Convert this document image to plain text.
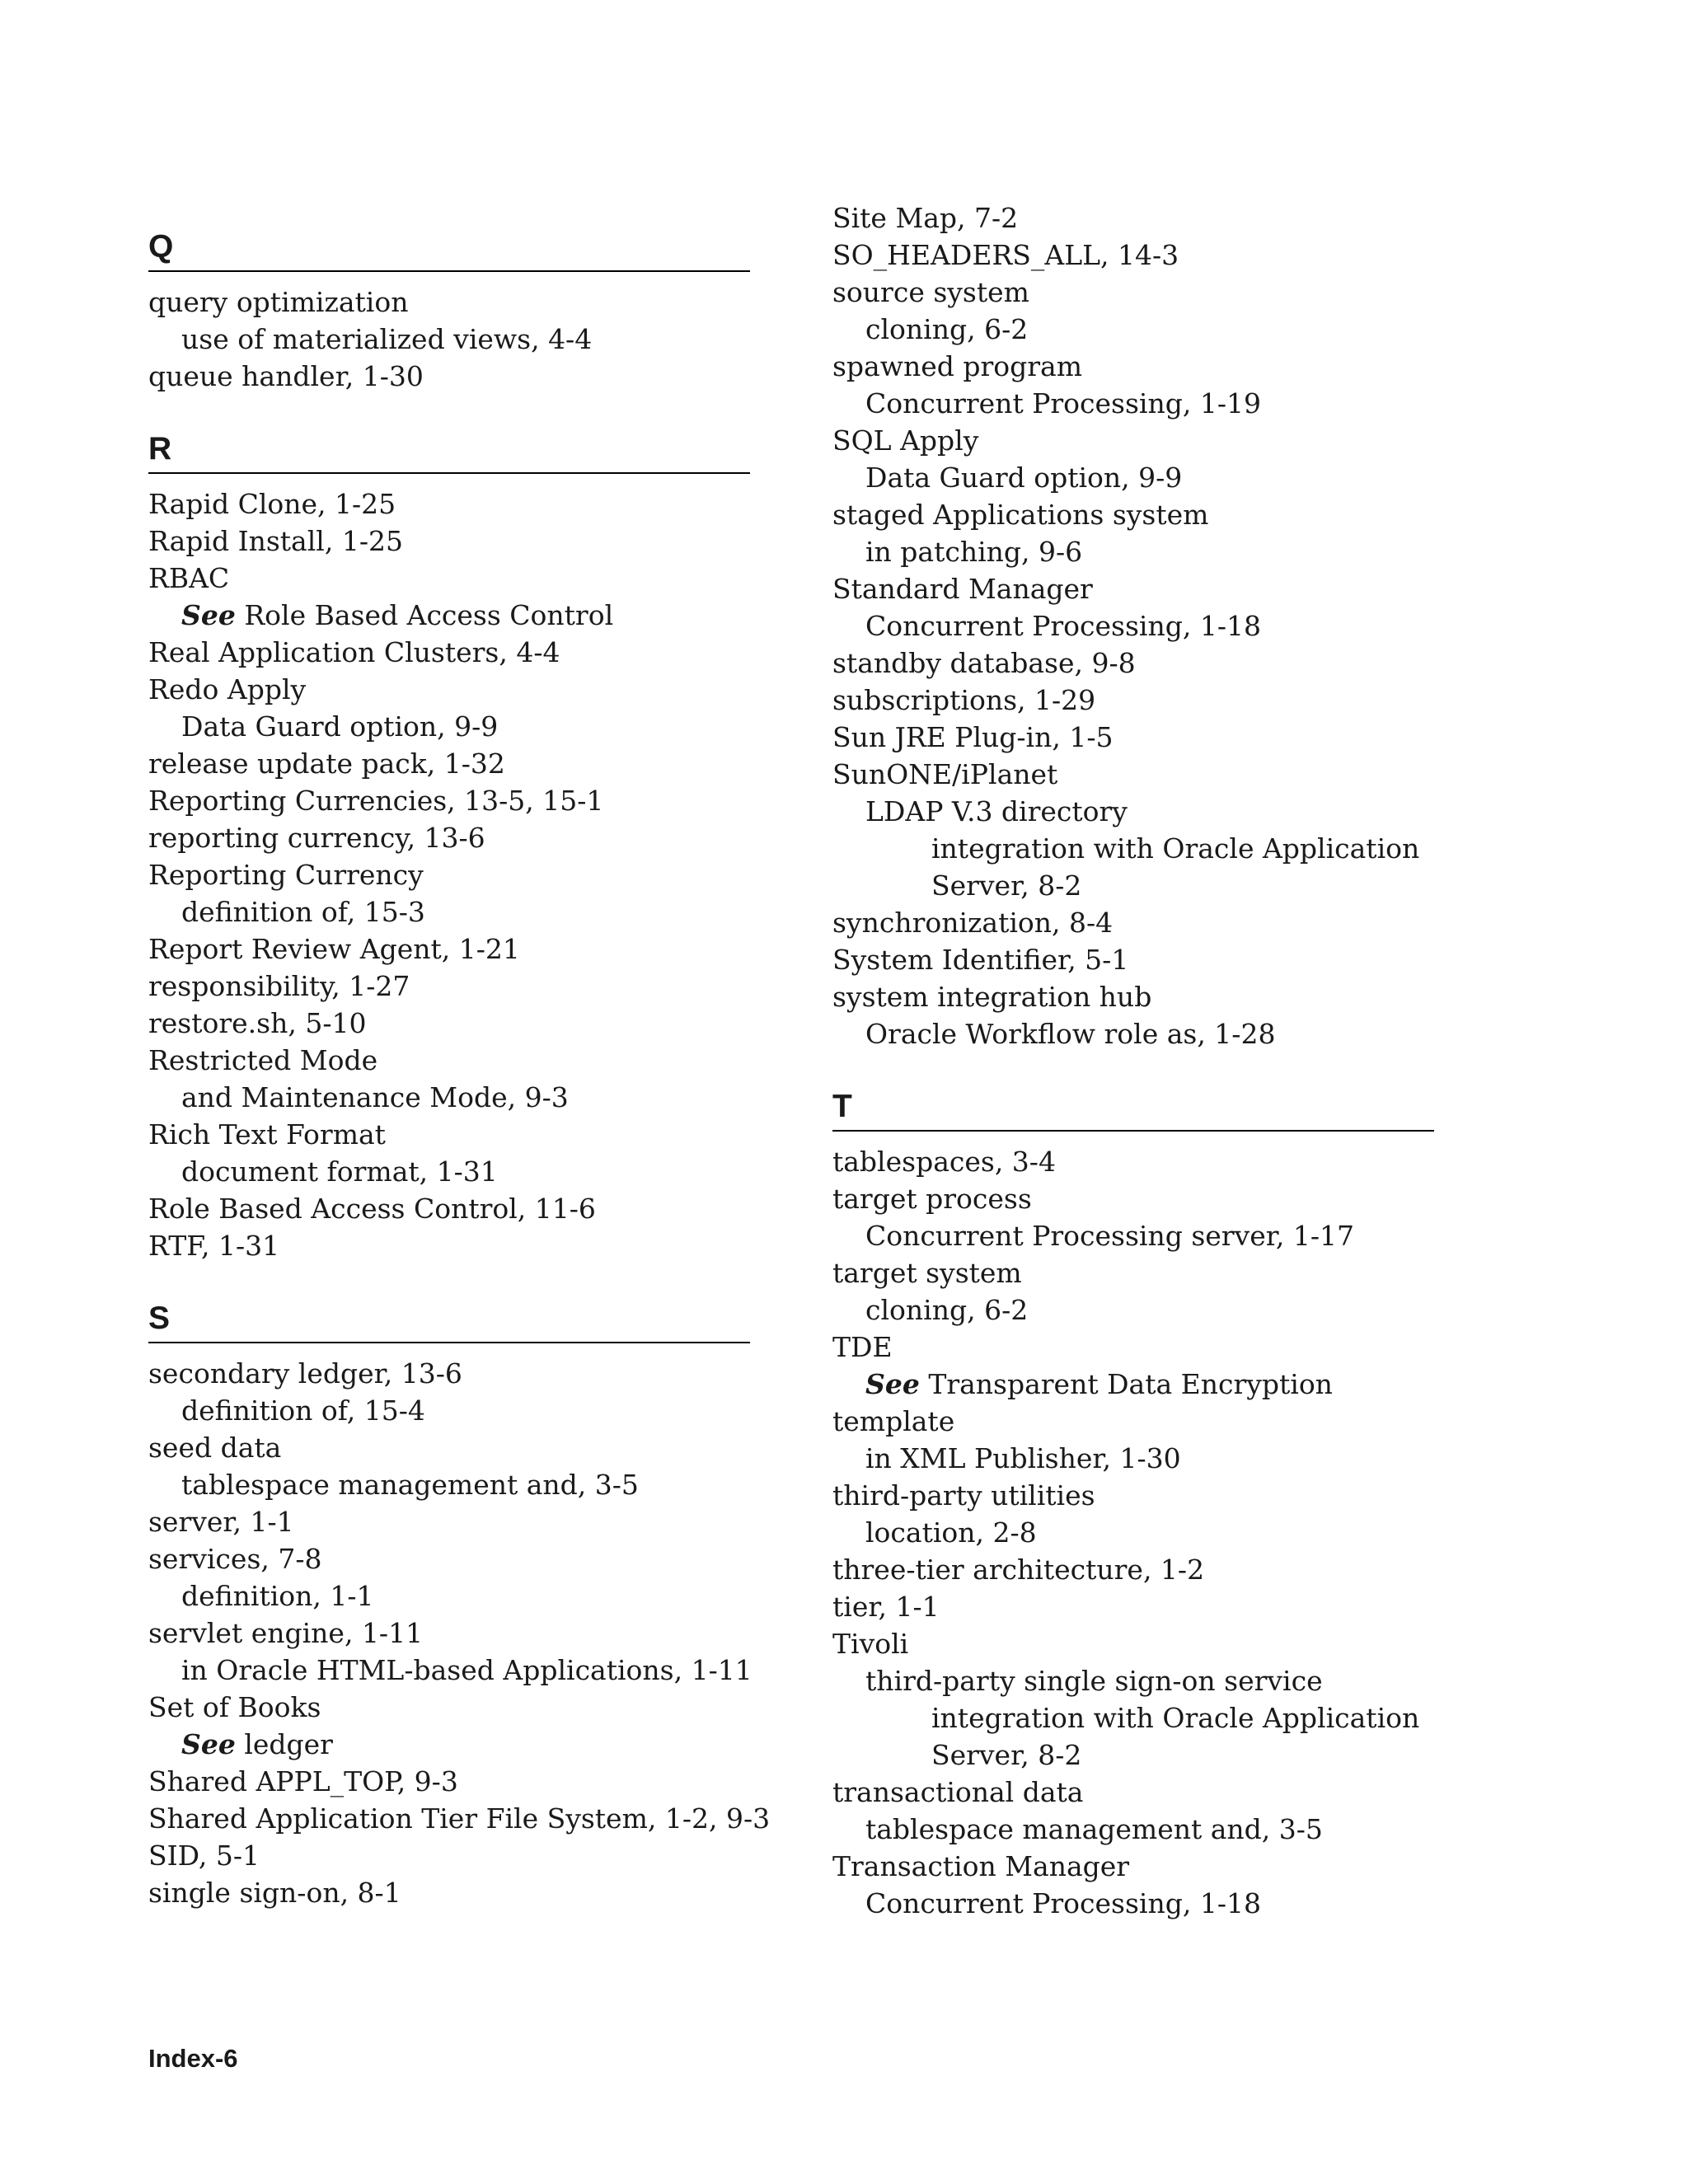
Q
query optimization
use of materialized views, 4-4
queue handler, 1-30
R
Rapid Clone, 1-25
Rapid Install, 1-25
RBAC
See Role Based Access Control
Real Application Clusters, 4-4
Redo Apply
Data Guard option, 9-9
release update pack, 1-32
Reporting Currencies, 13-5, 15-1
reporting currency, 13-6
Reporting Currency
definition of, 15-3
Report Review Agent, 1-21
responsibility, 1-27
restore.sh, 5-10
Restricted Mode
and Maintenance Mode, 9-3
Rich Text Format
document format, 1-31
Role Based Access Control, 11-6
RTF, 1-31
S
secondary ledger, 13-6
definition of, 15-4
seed data
tablespace management and, 3-5
server, 1-1
services, 7-8
definition, 1-1
servlet engine, 1-11
in Oracle HTML-based Applications, 1-11
Set of Books
See ledger
Shared APPL_TOP, 9-3
Shared Application Tier File System, 1-2, 9-3
SID, 5-1
single sign-on, 8-1
Site Map, 7-2
SO_HEADERS_ALL, 14-3
source system
cloning, 6-2
spawned program
Concurrent Processing, 1-19
SQL Apply
Data Guard option, 9-9
staged Applications system
in patching, 9-6
Standard Manager
Concurrent Processing, 1-18
standby database, 9-8
subscriptions, 1-29
Sun JRE Plug-in, 1-5
SunONE/iPlanet
LDAP V.3 directory
integration with Oracle Application
Server, 8-2
synchronization, 8-4
System Identifier, 5-1
system integration hub
Oracle Workflow role as, 1-28
T
tablespaces, 3-4
target process
Concurrent Processing server, 1-17
target system
cloning, 6-2
TDE
See Transparent Data Encryption
template
in XML Publisher, 1-30
third-party utilities
location, 2-8
three-tier architecture, 1-2
tier, 1-1
Tivoli
third-party single sign-on service
integration with Oracle Application
Server, 8-2
transactional data
tablespace management and, 3-5
Transaction Manager
Concurrent Processing, 1-18
Index-6
